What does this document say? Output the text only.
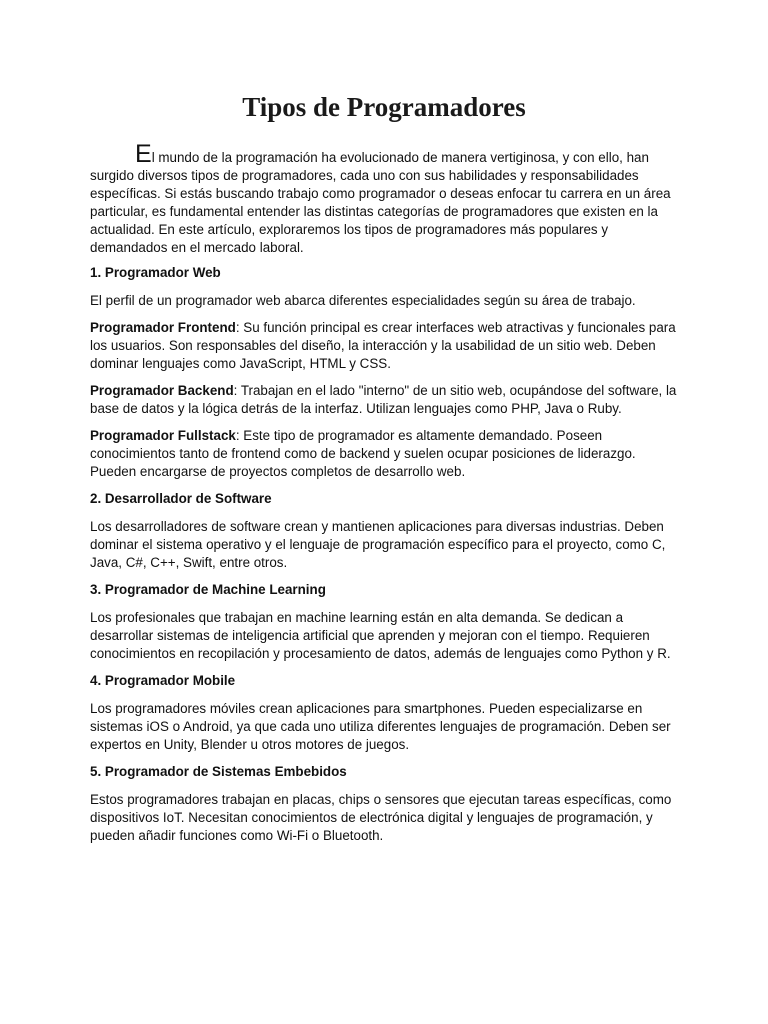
Tipos de Programadores

El mundo de la programación ha evolucionado de manera vertiginosa, y con ello, han surgido diversos tipos de programadores, cada uno con sus habilidades y responsabilidades específicas. Si estás buscando trabajo como programador o deseas enfocar tu carrera en un área particular, es fundamental entender las distintas categorías de programadores que existen en la actualidad. En este artículo, exploraremos los tipos de programadores más populares y demandados en el mercado laboral.

1. Programador Web

El perfil de un programador web abarca diferentes especialidades según su área de trabajo.

Programador Frontend: Su función principal es crear interfaces web atractivas y funcionales para los usuarios. Son responsables del diseño, la interacción y la usabilidad de un sitio web. Deben dominar lenguajes como JavaScript, HTML y CSS.

Programador Backend: Trabajan en el lado "interno" de un sitio web, ocupándose del software, la base de datos y la lógica detrás de la interfaz. Utilizan lenguajes como PHP, Java o Ruby.

Programador Fullstack: Este tipo de programador es altamente demandado. Poseen conocimientos tanto de frontend como de backend y suelen ocupar posiciones de liderazgo. Pueden encargarse de proyectos completos de desarrollo web.

2. Desarrollador de Software

Los desarrolladores de software crean y mantienen aplicaciones para diversas industrias. Deben dominar el sistema operativo y el lenguaje de programación específico para el proyecto, como C, Java, C#, C++, Swift, entre otros.

3. Programador de Machine Learning

Los profesionales que trabajan en machine learning están en alta demanda. Se dedican a desarrollar sistemas de inteligencia artificial que aprenden y mejoran con el tiempo. Requieren conocimientos en recopilación y procesamiento de datos, además de lenguajes como Python y R.

4. Programador Mobile

Los programadores móviles crean aplicaciones para smartphones. Pueden especializarse en sistemas iOS o Android, ya que cada uno utiliza diferentes lenguajes de programación. Deben ser expertos en Unity, Blender u otros motores de juegos.

5. Programador de Sistemas Embebidos

Estos programadores trabajan en placas, chips o sensores que ejecutan tareas específicas, como dispositivos IoT. Necesitan conocimientos de electrónica digital y lenguajes de programación, y pueden añadir funciones como Wi-Fi o Bluetooth.
